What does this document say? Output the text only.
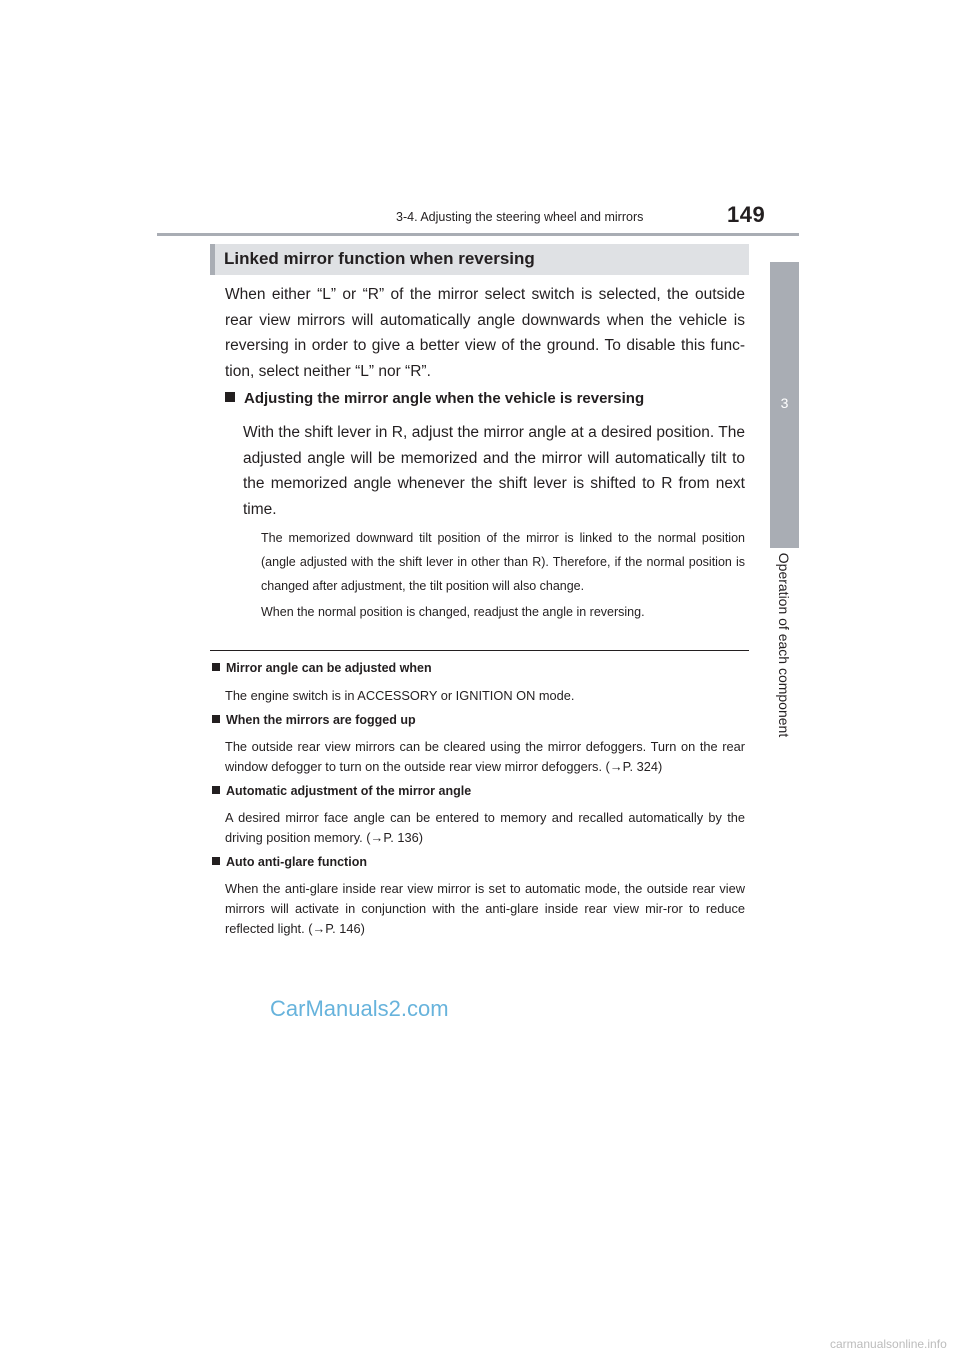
3-4. Adjusting the steering wheel and mirrors	149
3
Operation of each component
Linked mirror function when reversing

When either “L” or “R” of the mirror select switch is selected, the outside rear view mirrors will automatically angle downwards when the vehicle is reversing in order to give a better view of the ground. To disable this func-tion, select neither “L” nor “R”.

Adjusting the mirror angle when the vehicle is reversing

With the shift lever in R, adjust the mirror angle at a desired position. The adjusted angle will be memorized and the mirror will automatically tilt to the memorized angle whenever the shift lever is shifted to R from next time.

The memorized downward tilt position of the mirror is linked to the normal position (angle adjusted with the shift lever in other than R). Therefore, if the normal position is changed after adjustment, the tilt position will also change.

When the normal position is changed, readjust the angle in reversing.

Mirror angle can be adjusted when

The engine switch is in ACCESSORY or IGNITION ON mode.

When the mirrors are fogged up

The outside rear view mirrors can be cleared using the mirror defoggers. Turn on the rear window defogger to turn on the outside rear view mirror defoggers. (→P. 324)

Automatic adjustment of the mirror angle

A desired mirror face angle can be entered to memory and recalled automatically by the driving position memory. (→P. 136)

Auto anti-glare function

When the anti-glare inside rear view mirror is set to automatic mode, the outside rear view mirrors will activate in conjunction with the anti-glare inside rear view mir-ror to reduce reflected light. (→P. 146)

CarManuals2.com
carmanualsonline.info
